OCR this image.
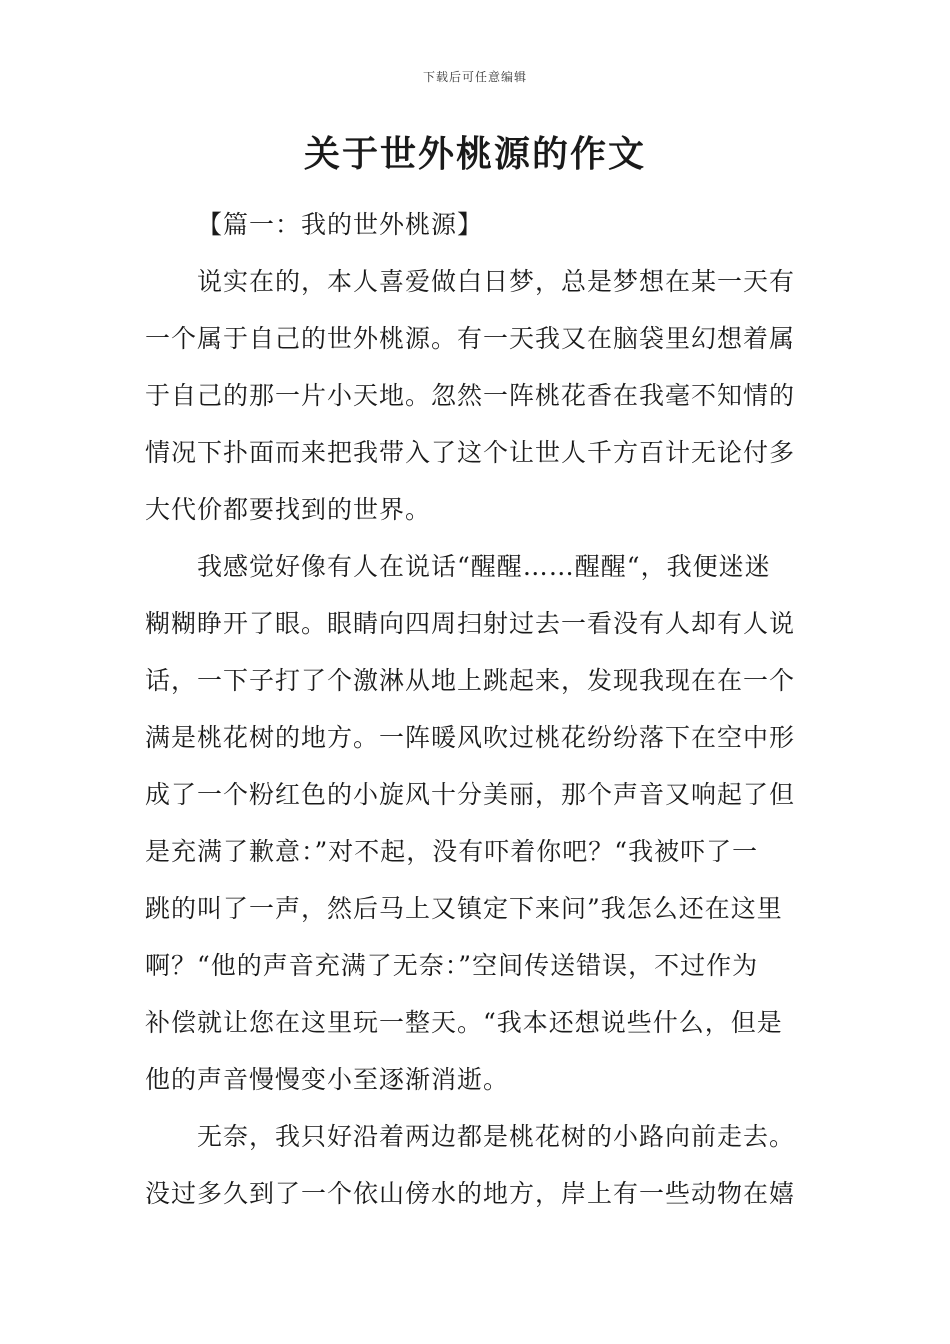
下载后可任意编辑
关于世外桃源的作文
【篇一：我的世外桃源】
说实在的，本人喜爱做白日梦，总是梦想在某一天有
一个属于自己的世外桃源。有一天我又在脑袋里幻想着属
于自己的那一片小天地。忽然一阵桃花香在我毫不知情的
情况下扑面而来把我带入了这个让世人千方百计无论付多
大代价都要找到的世界。
我感觉好像有人在说话“醒醒……醒醒“，我便迷迷
糊糊睁开了眼。眼睛向四周扫射过去一看没有人却有人说
话，一下子打了个激淋从地上跳起来，发现我现在在一个
满是桃花树的地方。一阵暖风吹过桃花纷纷落下在空中形
成了一个粉红色的小旋风十分美丽，那个声音又响起了但
是充满了歉意：”对不起，没有吓着你吧？“我被吓了一
跳的叫了一声，然后马上又镇定下来问”我怎么还在这里
啊？“他的声音充满了无奈：”空间传送错误，不过作为
补偿就让您在这里玩一整天。“我本还想说些什么，但是
他的声音慢慢变小至逐渐消逝。
无奈，我只好沿着两边都是桃花树的小路向前走去。
没过多久到了一个依山傍水的地方，岸上有一些动物在嬉
